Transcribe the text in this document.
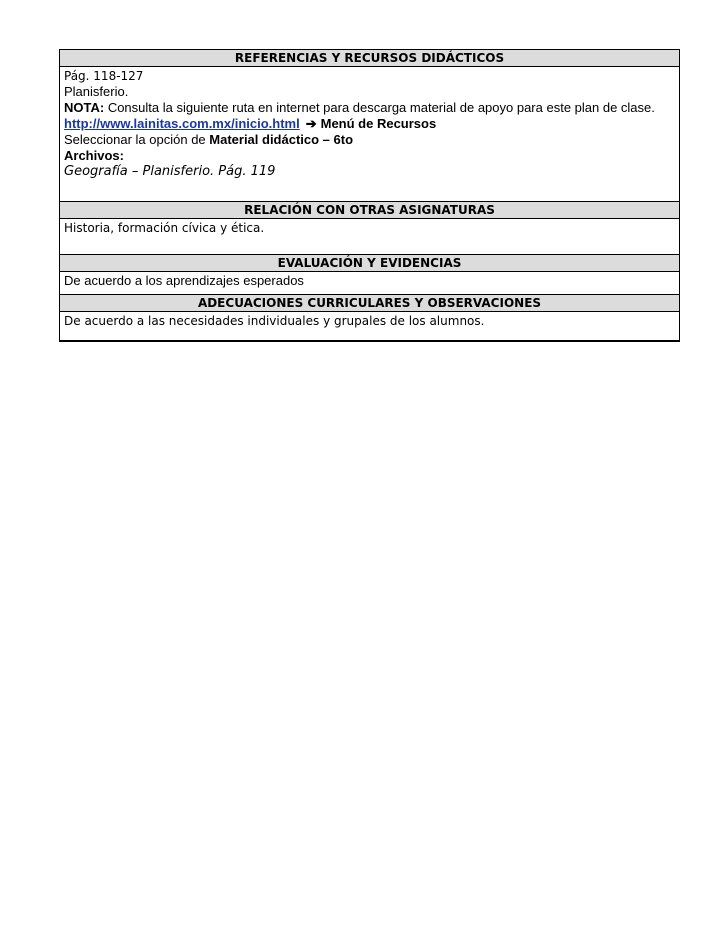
REFERENCIAS Y RECURSOS DIDÁCTICOS

Pág. 118-127
Planisferio.
NOTA: Consulta la siguiente ruta en internet para descarga material de apoyo para este plan de clase.
http://www.lainitas.com.mx/inicio.html ➔ Menú de Recursos
Seleccionar la opción de Material didáctico – 6to
Archivos:
Geografía – Planisferio. Pág. 119

RELACIÓN CON OTRAS ASIGNATURAS
Historia, formación cívica y ética.
EVALUACIÓN Y EVIDENCIAS
De acuerdo a los aprendizajes esperados
ADECUACIONES CURRICULARES Y OBSERVACIONES
De acuerdo a las necesidades individuales y grupales de los alumnos.
